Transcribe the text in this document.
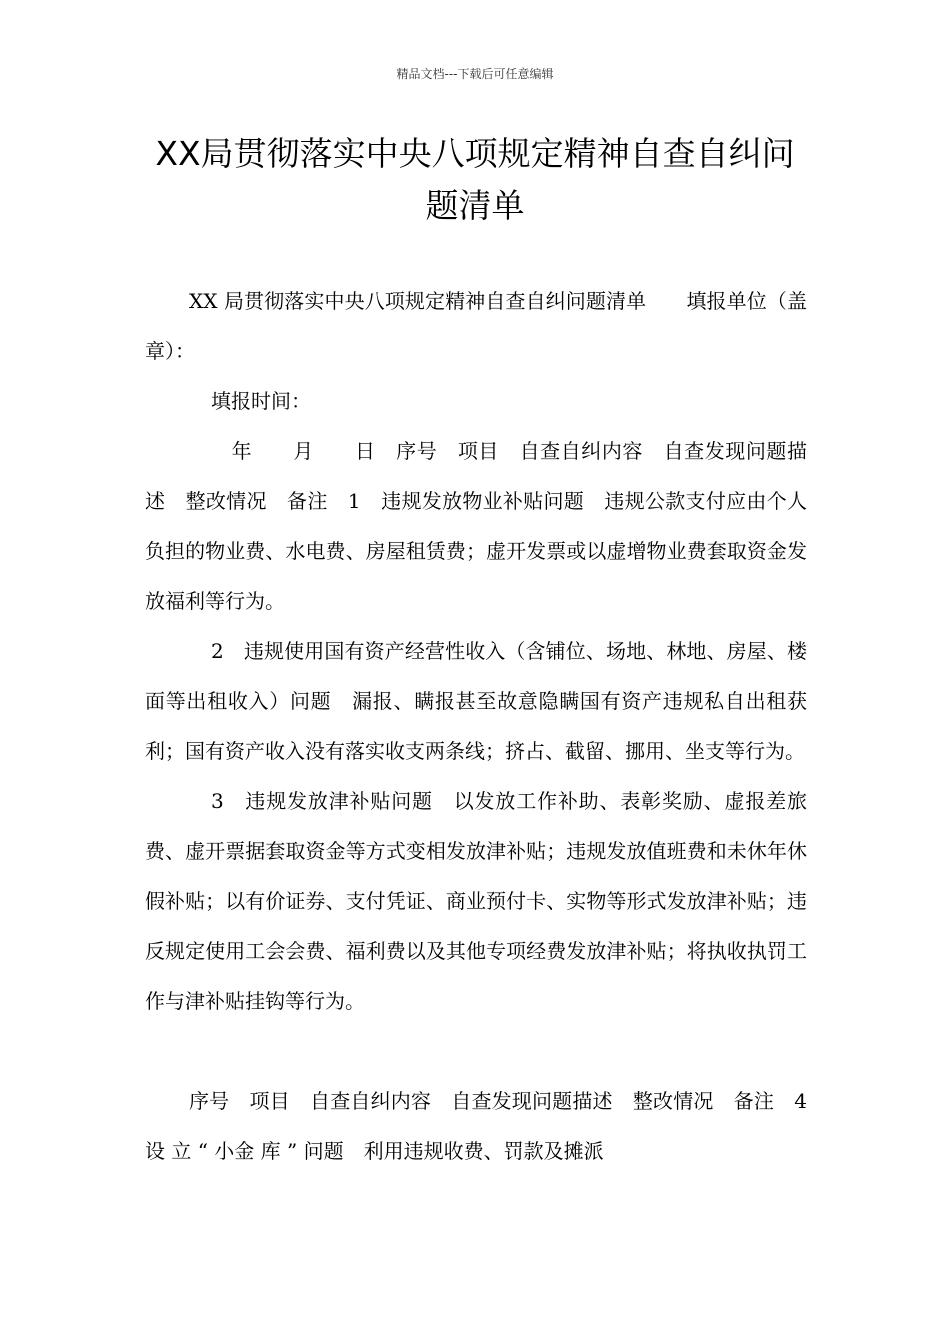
精品文档---下载后可任意编辑
XX局贯彻落实中央八项规定精神自查自纠问题清单

XX 局贯彻落实中央八项规定精神自查自纠问题清单　　填报单位（盖章）：

填报时间：

　年　　月　　日　序号　项目　自查自纠内容　自查发现问题描述　整改情况　备注　1　违规发放物业补贴问题　违规公款支付应由个人负担的物业费、水电费、房屋租赁费；虚开发票或以虚增物业费套取资金发放福利等行为。

2　违规使用国有资产经营性收入（含铺位、场地、林地、房屋、楼面等出租收入）问题　漏报、瞒报甚至故意隐瞒国有资产违规私自出租获利；国有资产收入没有落实收支两条线；挤占、截留、挪用、坐支等行为。

3　违规发放津补贴问题　以发放工作补助、表彰奖励、虚报差旅费、虚开票据套取资金等方式变相发放津补贴；违规发放值班费和未休年休假补贴；以有价证券、支付凭证、商业预付卡、实物等形式发放津补贴；违反规定使用工会会费、福利费以及其他专项经费发放津补贴；将执收执罚工作与津补贴挂钩等行为。

序号　项目　自查自纠内容　自查发现问题描述　整改情况　备注　4　设 立 “ 小金 库 ” 问题　利用违规收费、罚款及摊派
